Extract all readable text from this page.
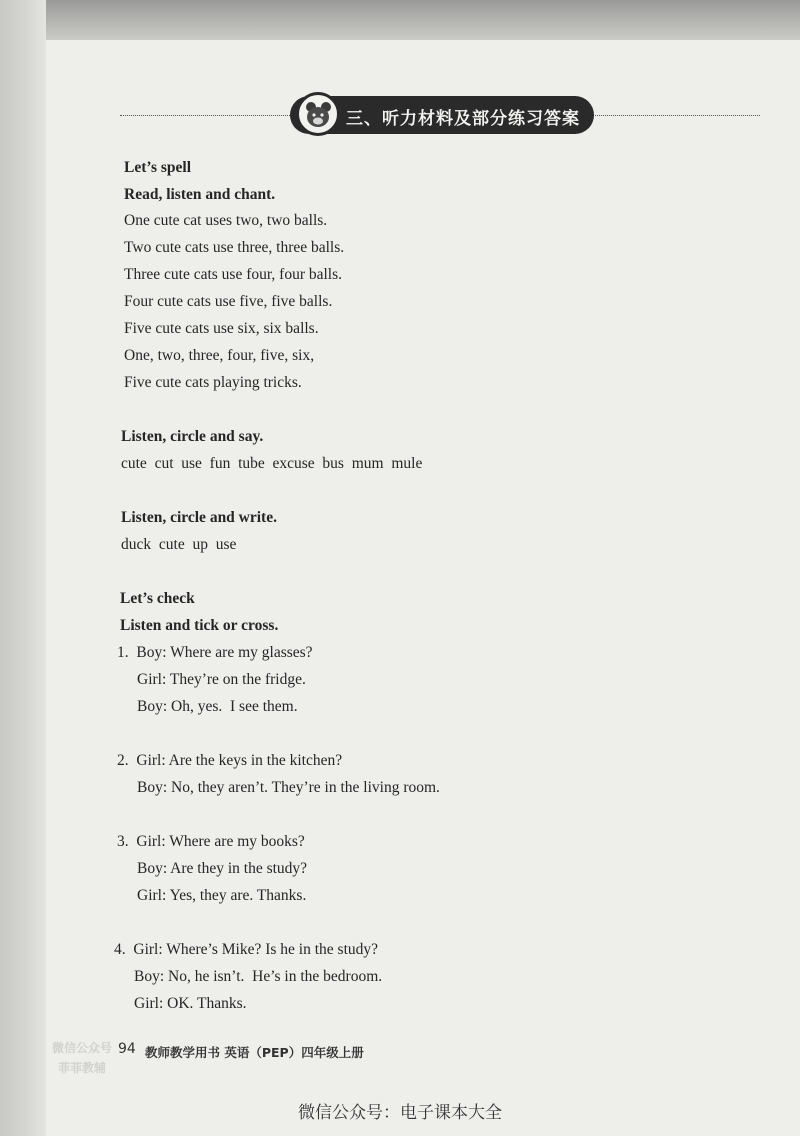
三、听力材料及部分练习答案
Let’s spell
Read, listen and chant.
One cute cat uses two, two balls.
Two cute cats use three, three balls.
Three cute cats use four, four balls.
Four cute cats use five, five balls.
Five cute cats use six, six balls.
One, two, three, four, five, six,
Five cute cats playing tricks.
Listen, circle and say.
cute  cut  use  fun  tube  excuse  bus  mum  mule
Listen, circle and write.
duck  cute  up  use
Let’s check
Listen and tick or cross.
1.  Boy: Where are my glasses?
Girl: They’re on the fridge.
Boy: Oh, yes.  I see them.
2.  Girl: Are the keys in the kitchen?
Boy: No, they aren’t. They’re in the living room.
3.  Girl: Where are my books?
Boy: Are they in the study?
Girl: Yes, they are. Thanks.
4.  Girl: Where’s Mike? Is he in the study?
Boy: No, he isn’t.  He’s in the bedroom.
Girl: OK. Thanks.
微信公众号
菲菲教辅
94 教师教学用书 英语（PEP）四年级上册
微信公众号：电子课本大全
